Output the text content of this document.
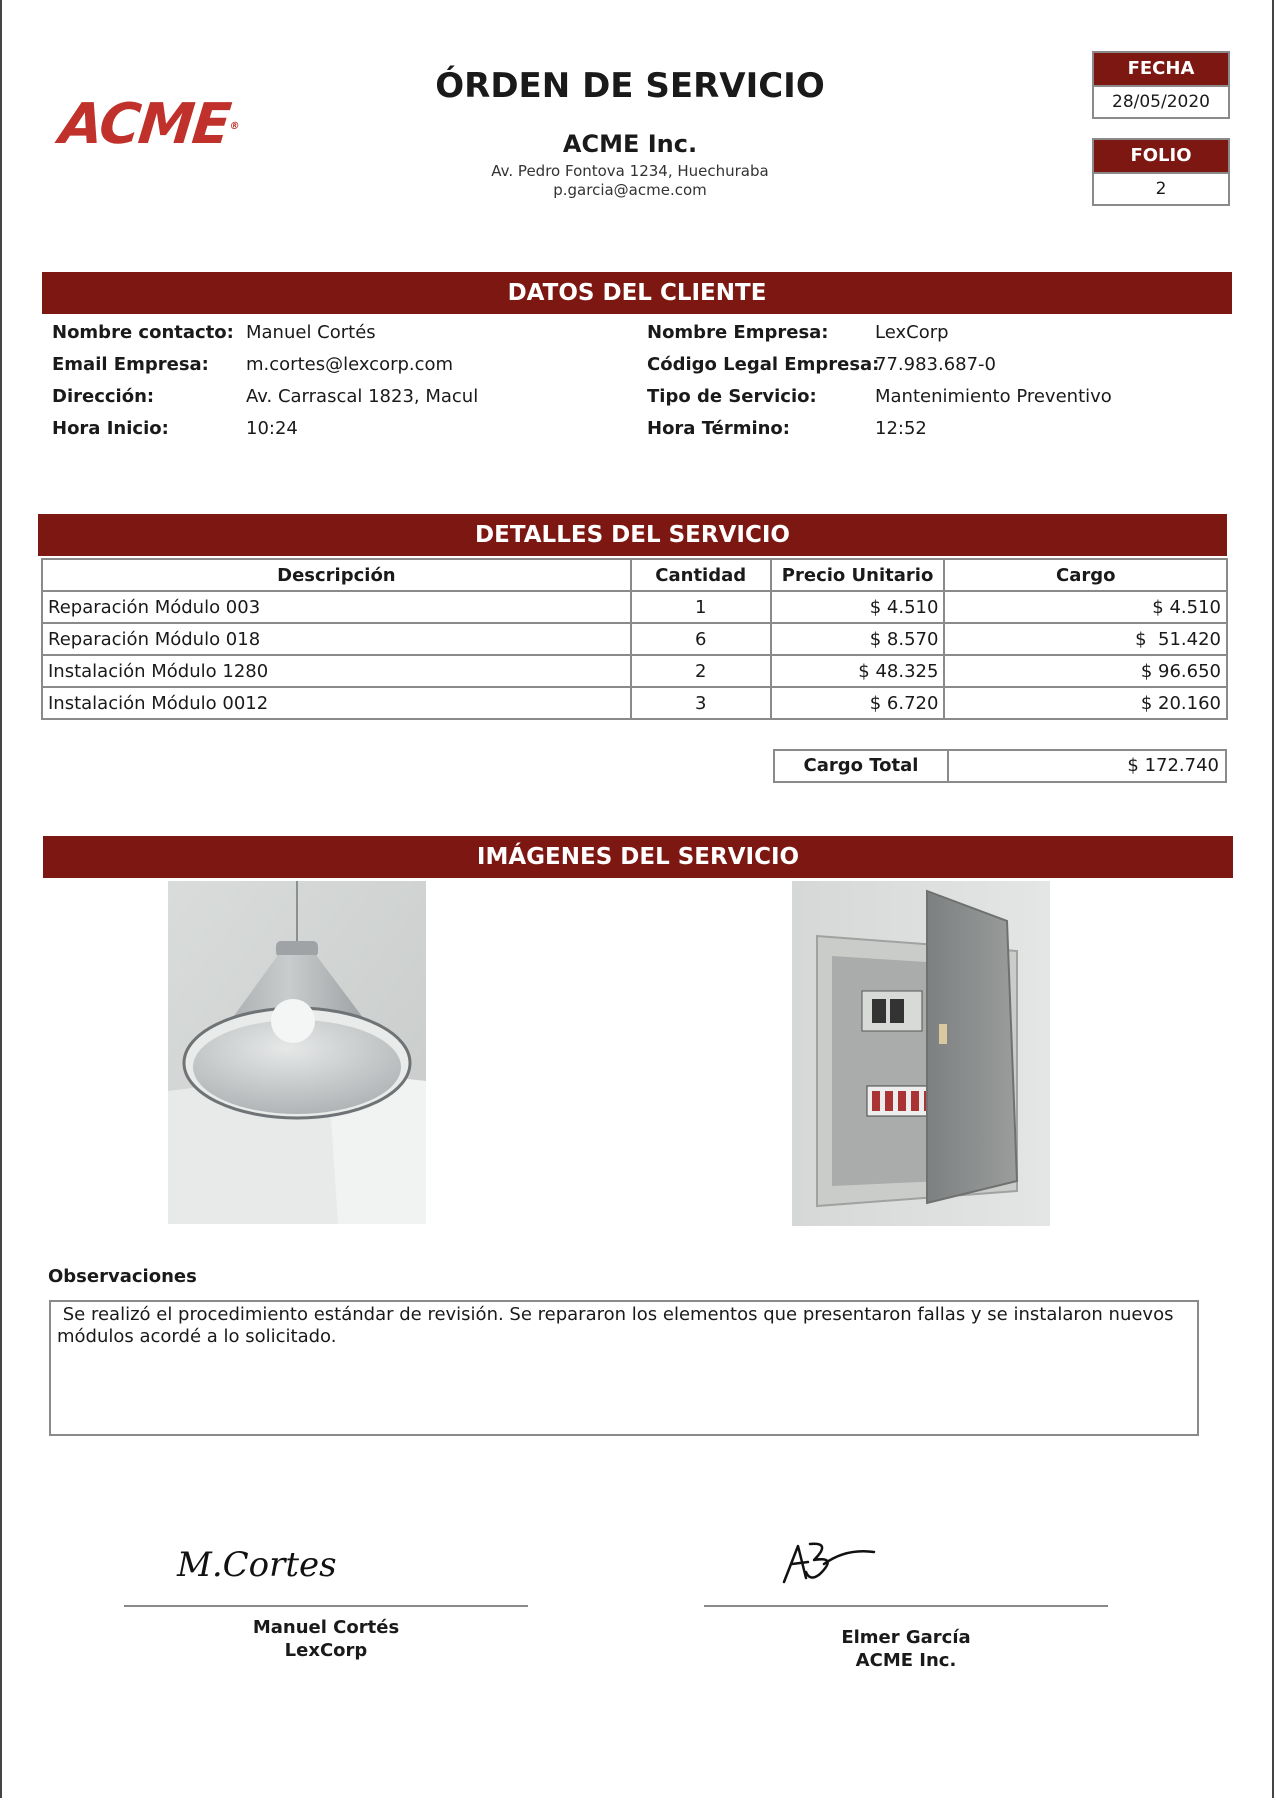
ACME®
ÓRDEN DE SERVICIO
ACME Inc.
Av. Pedro Fontova 1234, Huechuraba
p.garcia@acme.com
FECHA
28/05/2020
FOLIO
2
DATOS DEL CLIENTE
Nombre contacto: Manuel Cortés
Email Empresa: m.cortes@lexcorp.com
Dirección:	Av. Carrascal 1823, Macul
Hora Inicio:	10:24
Nombre Empresa:	LexCorp
Código Legal Empresa:
77.983.687-0
Tipo de Servicio:	Mantenimiento Preventivo
Hora Término:	12:52
DETALLES DEL SERVICIO
Descripción	Cantidad	Precio Unitario	Cargo
Reparación Módulo 003	1	$ 4.510	$ 4.510
Reparación Módulo 018	6	$ 8.570	$  51.420
Instalación Módulo 1280	2	$ 48.325	$ 96.650
Instalación Módulo 0012	3	$ 6.720	$ 20.160
Cargo Total	$ 172.740
IMÁGENES DEL SERVICIO
Observaciones
Se realizó el procedimiento estándar de revisión. Se repararon los elementos que presentaron fallas y se instalaron nuevos módulos acordé a lo solicitado.
M.Cortes
Manuel Cortés
LexCorp
Elmer García
ACME Inc.
